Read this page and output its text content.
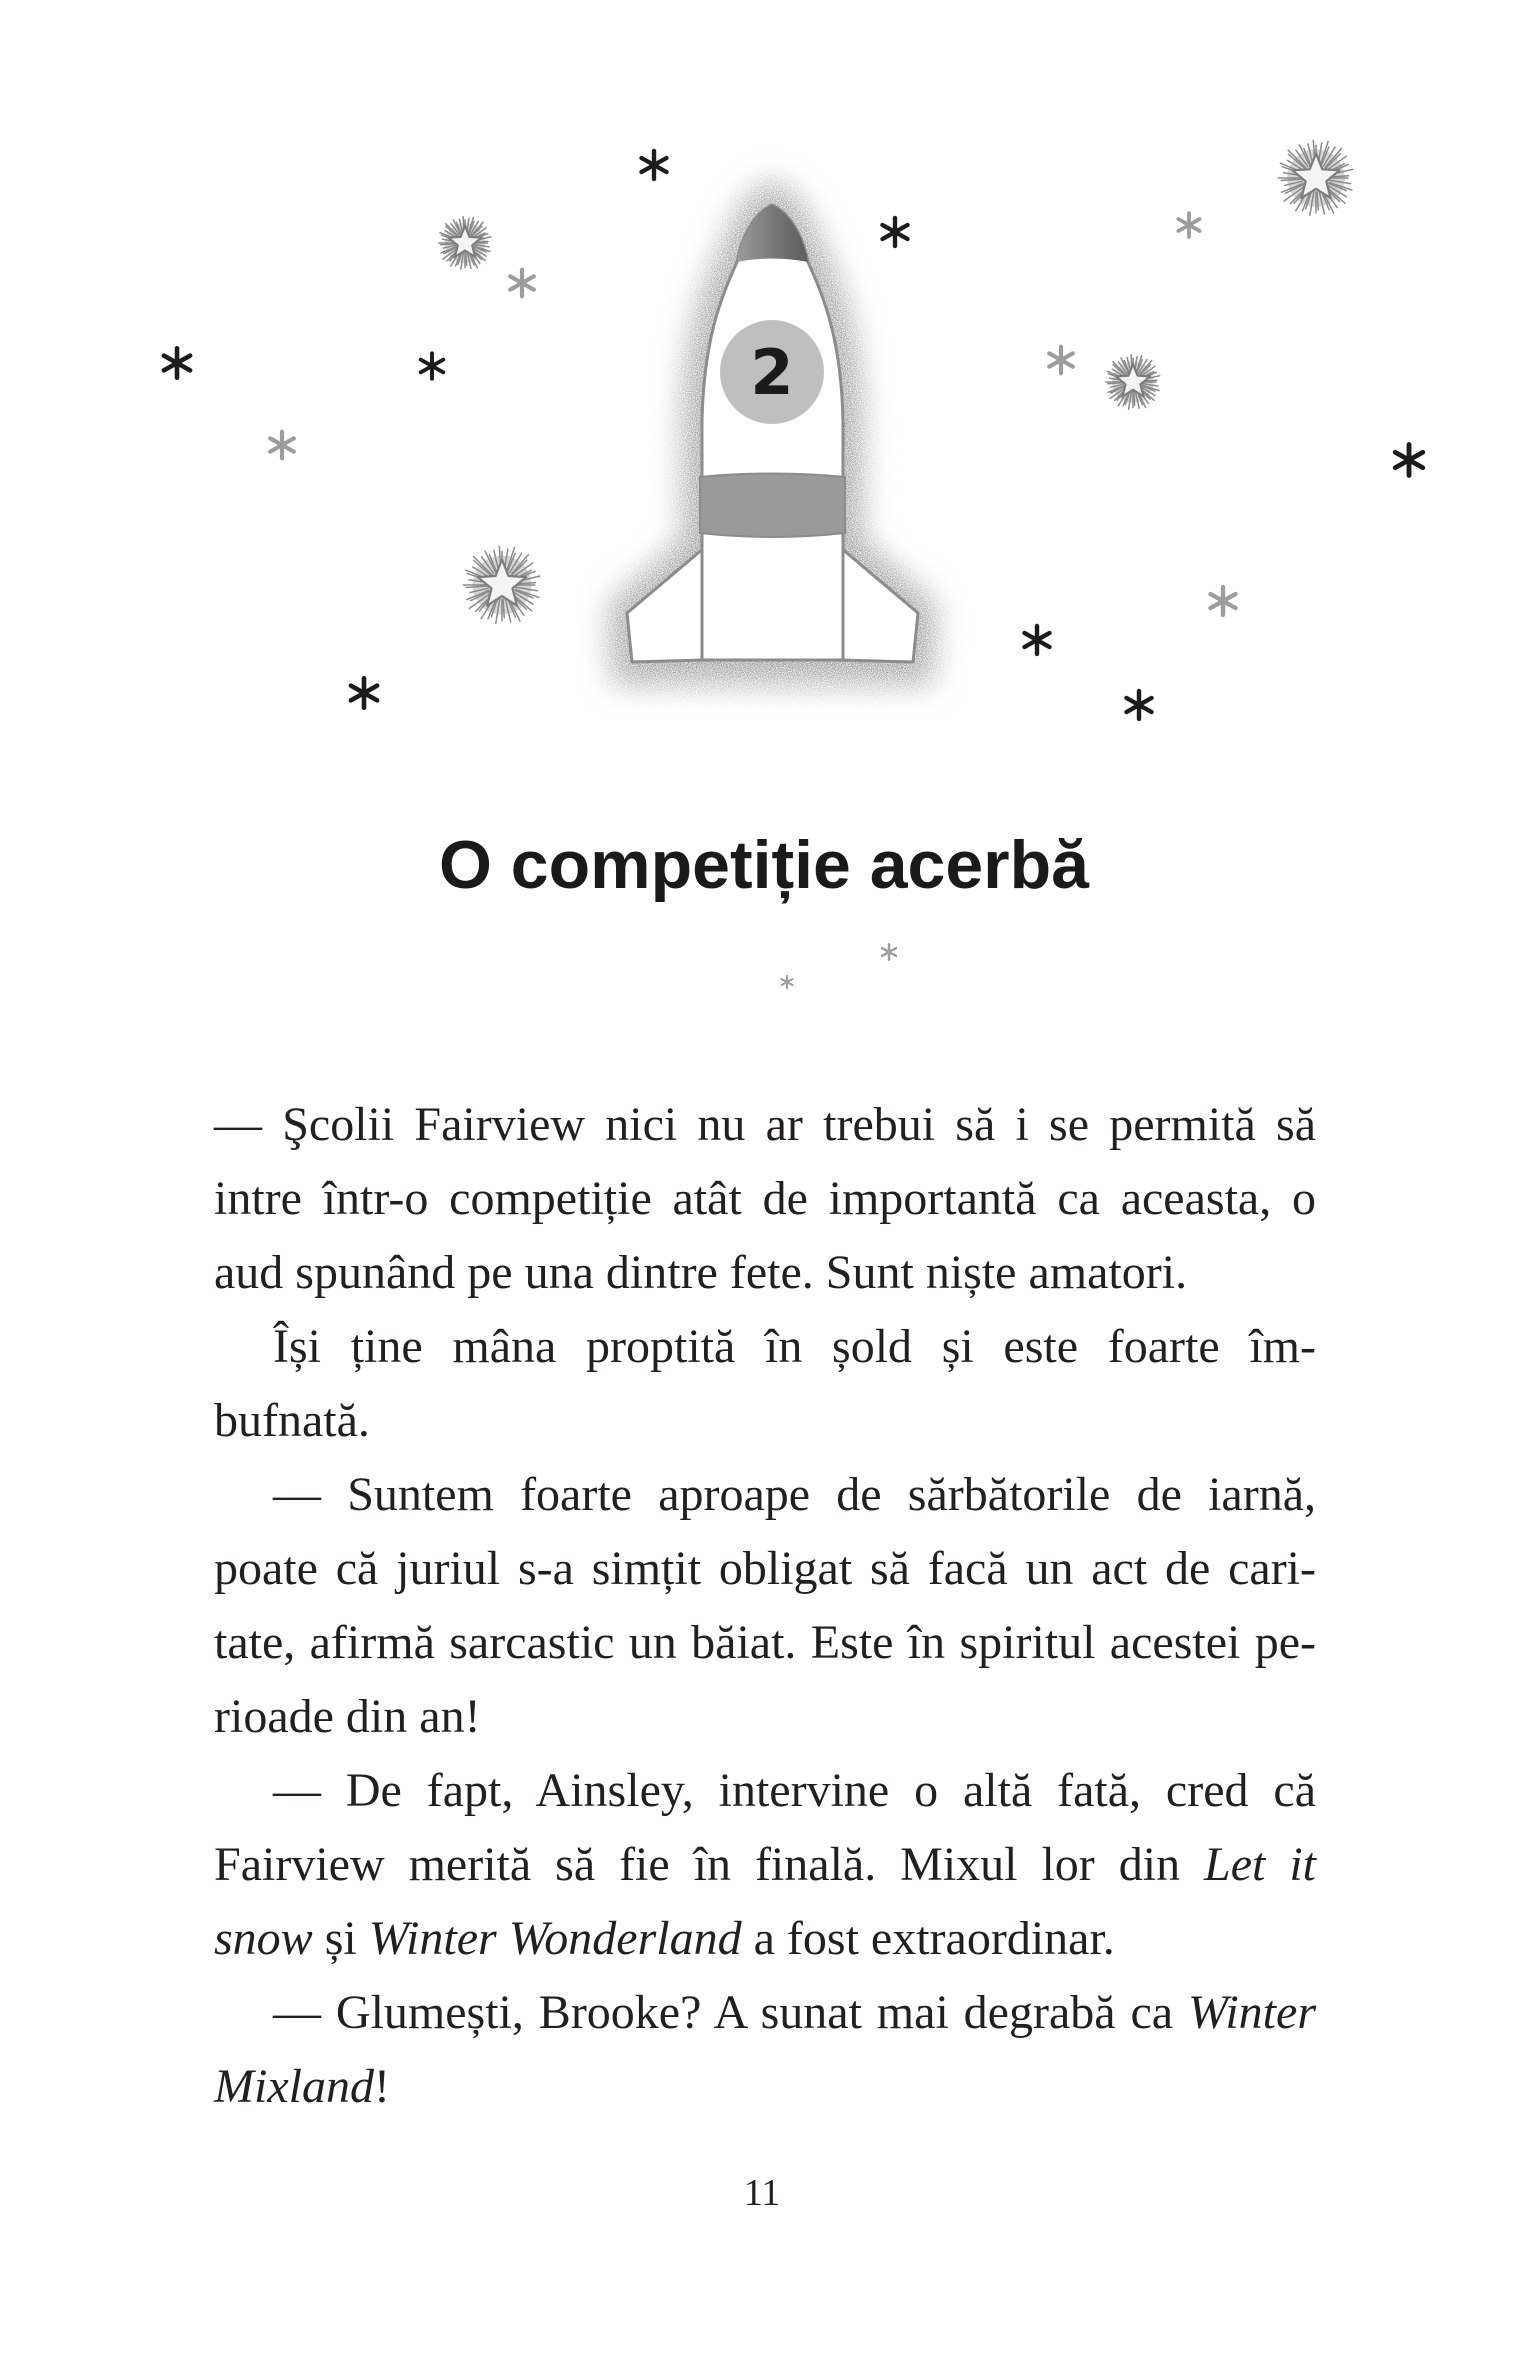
2
O competiție acerbă
— Şcolii Fairview nici nu ar trebui să i se permită să
intre într-o competiție atât de importantă ca aceasta, o
aud spunând pe una dintre fete. Sunt niște amatori.
Își ține mâna proptită în șold și este foarte îm-
bufnată.
— Suntem foarte aproape de sărbătorile de iarnă,
poate că juriul s-a simțit obligat să facă un act de cari-
tate, afirmă sarcastic un băiat. Este în spiritul acestei pe-
rioade din an!
— De fapt, Ainsley, intervine o altă fată, cred că
Fairview merită să fie în finală. Mixul lor din Let it
snow și Winter Wonderland a fost extraordinar.
— Glumești, Brooke? A sunat mai degrabă ca Winter
Mixland!
11
